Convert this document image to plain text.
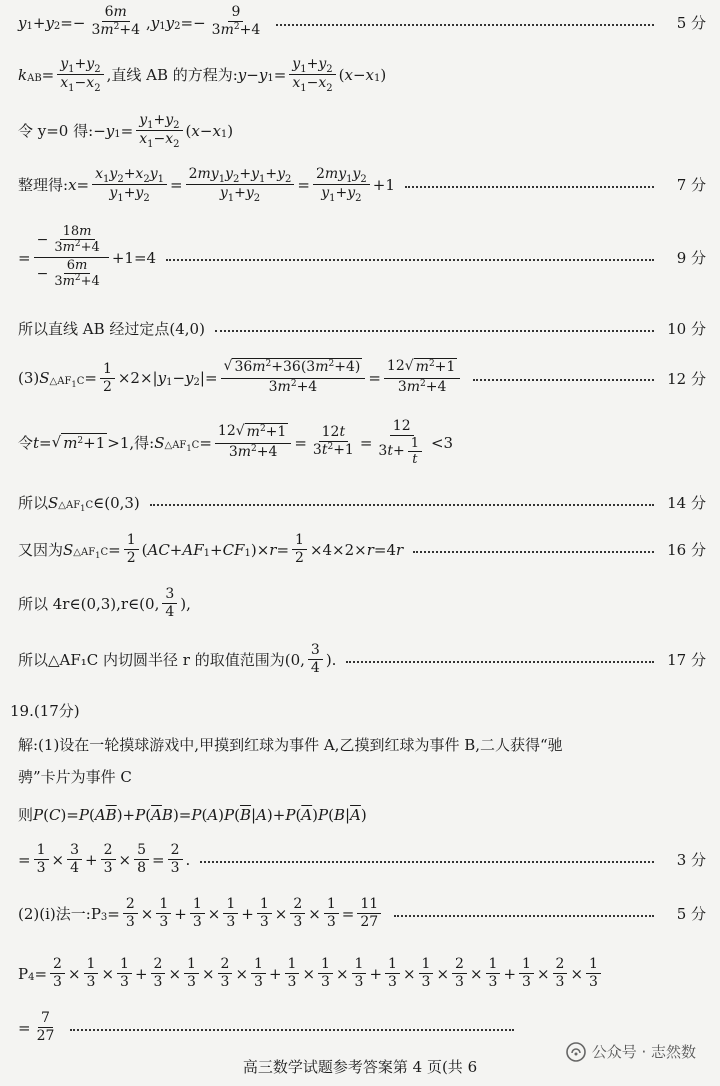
y 1 + y $2 =- \frac{6m}{3m^2+4}$ , y 1 y $2 =- \frac{9}{3m^2+4}$	5 分
k AB = $\frac{y_1+y_2}{x_1-x_2}$ ,直线 AB 的方程为: y − y $1 = \frac{y_1+y_2}{x_1-x_2}$ ( x − x 1 )
令 y=0 得: − y $1 = \frac{y_1+y_2}{x_1-x_2}$ ( x − x 1 )
整理得: $x = \frac{x_1y_2+x_2y_1}{y_1+y_2} = \frac{2my_1y_2+y_1+y_2}{y_1+y_2} = \frac{2my_1y_2}{y_1+y_2} +1$	7 分
= $\frac{- \frac{18m}{3m^2+4}}{- \frac{6m}{3m^2+4}} +1=4$	9 分
所以直线 AB 经过定点(4,0)	10 分
(3) S $\triangle AF_1C = \frac{1}{2} \times 2\times|$ y 1 − y 2 |= $\frac{√ 36m^2+36(3m^2+4)}{3m^2+4} = \frac{12√ m^2+1}{3m^2+4}$	12 分
令 t = √ $m^2+1 >1$,得: S $\triangle AF_1C = \frac{12√ m^2+1}{3m^2+4} = \frac{12t}{3t^2+1} = \frac{12}{3 t + \frac{1}{t}} <3$
所以 S $\triangle AF_1C$ ∈(0,3)	14 分
又因为 S $\triangle AF_1C = \frac{1}{2}$ ( AC + AF 1 + CF 1 )× $r = \frac{1}{2} \times 4\times 2\times r =4$ r	16 分
所以 4r∈(0,3),r∈(0, $\frac{3}{4}$ ),
所以△AF₁C 内切圆半径 r 的取值范围为(0, $\frac{3}{4}$ ).	17 分
19.(17分)
解:(1)设在一轮摸球游戏中,甲摸到红球为事件 A,乙摸到红球为事件 B,二人获得“驰
骋”卡片为事件 C
则 P ( C )= P ( A $\overline{B}$ )+ P ( $\overline{A}$ B )= P ( A ) P ( $\overline{B}$ | A )+ P ( $\overline{A}$ ) P ( B | $\overline{A}$ )
= $\frac{1}{3} \times \frac{3}{4} + \frac{2}{3} \times \frac{5}{8} = \frac{2}{3}$ .	3 分
(2)(i)法一: P $3 = \frac{2}{3} \times \frac{1}{3} + \frac{1}{3} \times \frac{1}{3} + \frac{1}{3} \times \frac{2}{3} \times \frac{1}{3} = \frac{11}{27}$	5 分
P $4 = \frac{2}{3} \times \frac{1}{3} \times \frac{1}{3} + \frac{2}{3} \times \frac{1}{3} \times \frac{2}{3} \times \frac{1}{3} + \frac{1}{3} \times \frac{1}{3} \times \frac{1}{3} + \frac{1}{3} \times \frac{1}{3} \times \frac{2}{3} \times \frac{1}{3} + \frac{1}{3} \times \frac{2}{3} \times \frac{1}{3}$
= $\frac{7}{27}$
高三数学试题参考答案第 4 页(共 6
公众号 · 志然数
